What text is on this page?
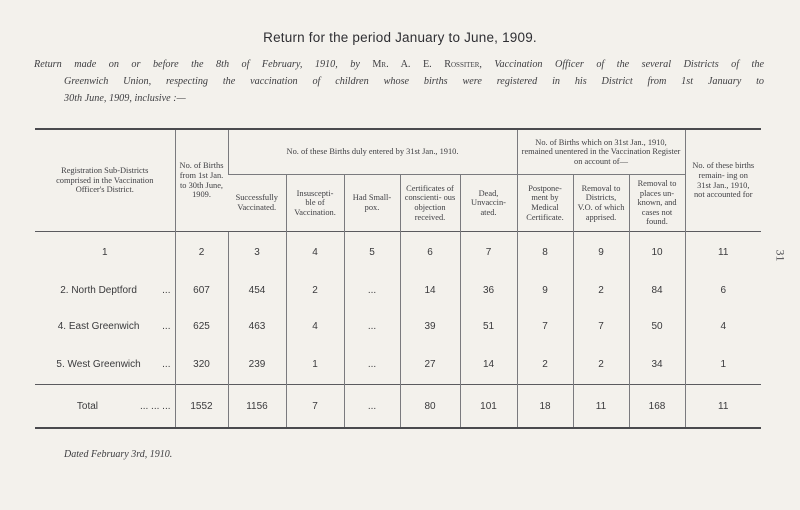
Return for the period January to June, 1909.
Return made on or before the 8th of February, 1910, by Mr. A. E. Rossiter, Vaccination Officer of the several Districts of the
Greenwich Union, respecting the vaccination of children whose births were registered in his District from 1st January to
30th June, 1909, inclusive :—
Registration Sub-Districts comprised in the Vaccination Officer's District.	No. of Births from 1st Jan. to 30th June, 1909.	No. of these Births duly entered by 31st Jan., 1910.					No. of Births which on 31st Jan., 1910, remained unentered in the Vaccination Register on account of—			No. of these births remain- ing on 31st Jan., 1910, not accounted for
		Successfully Vaccinated.	Insuscepti- ble of Vaccination.	Had Small-pox.	Certificates of conscienti- ous objection received.	Dead, Unvaccin- ated.	Postpone- ment by Medical Certificate.	Removal to Districts, V.O. of which apprised.	Removal to places un- known, and cases not found.	
1	2	3	4	5	6	7	8	9	10	11
2. North Deptford ...	607	454	2	...	14	36	9	2	84	6
4. East Greenwich ...	625	463	4	...	39	51	7	7	50	4
5. West Greenwich ...	320	239	1	...	27	14	2	2	34	1
Total ... ... ...	1552	1156	7	...	80	101	18	11	168	11
Dated February 3rd, 1910.
31
